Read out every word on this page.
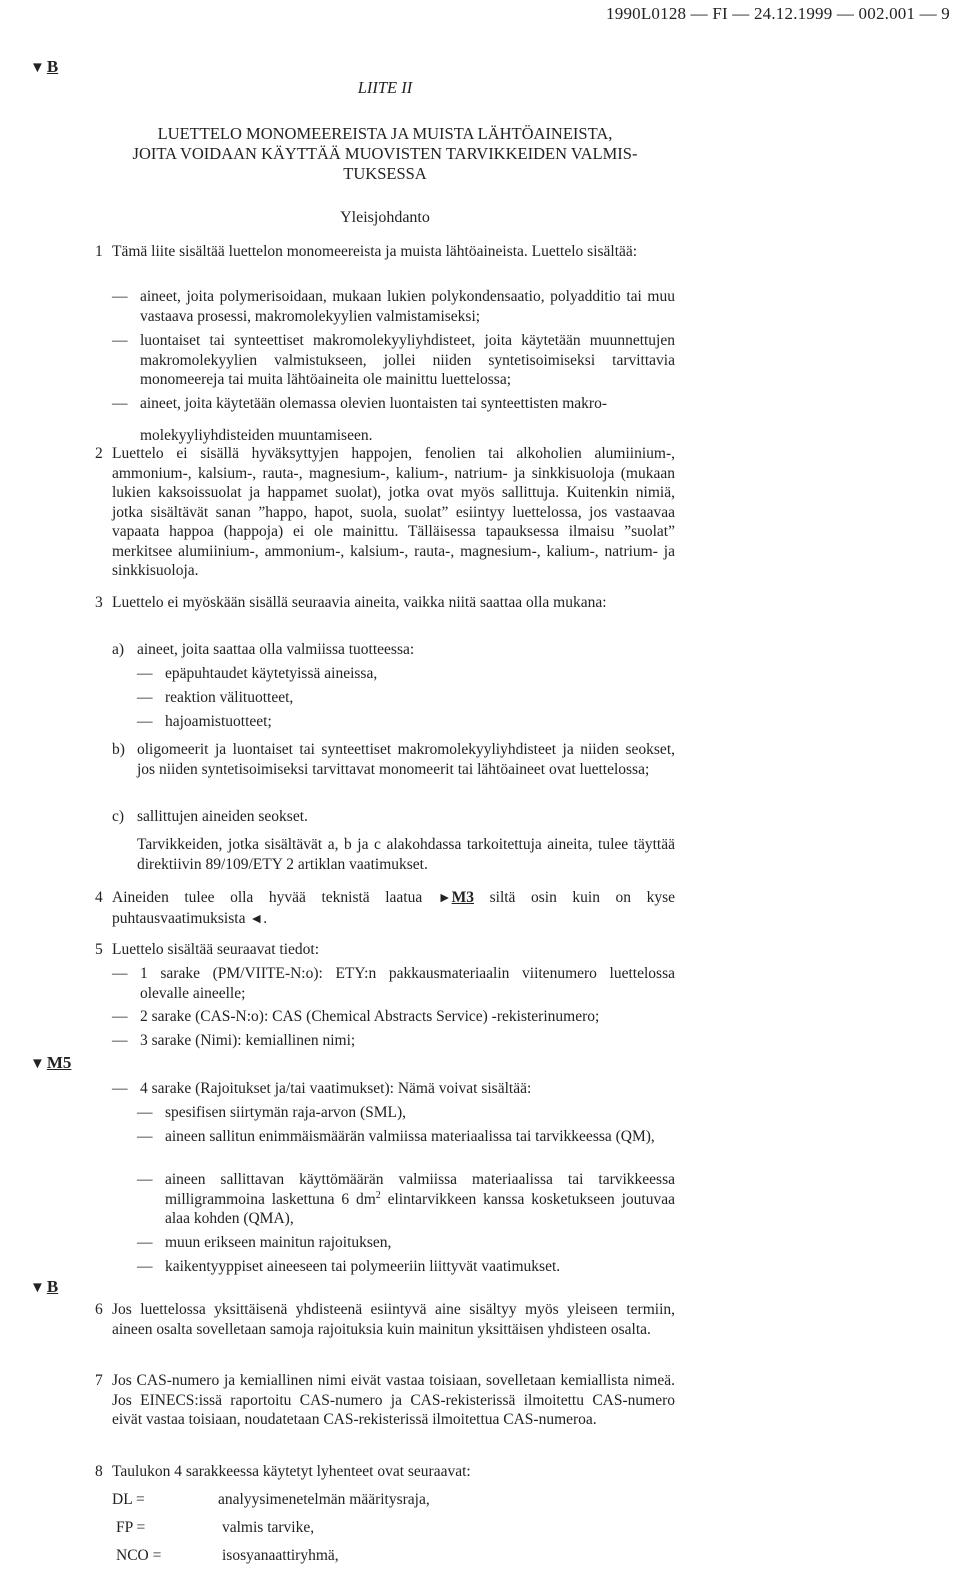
1990L0128 — FI — 24.12.1999 — 002.001 — 9
▼ B
▼ M5
▼ B
LIITE II
LUETTELO MONOMEEREISTA JA MUISTA LÄHTÖAINEISTA,
JOITA VOIDAAN KÄYTTÄÄ MUOVISTEN TARVIKKEIDEN VALMIS-
TUKSESSA
Yleisjohdanto
1 Tämä liite sisältää luettelon monomeereista ja muista lähtöaineista. Luettelo sisältää:
— aineet, joita polymerisoidaan, mukaan lukien polykondensaatio, polyadditio tai muu vastaava prosessi, makromolekyylien valmistamiseksi;
— luontaiset tai synteettiset makromolekyyliyhdisteet, joita käytetään muunnettujen makromolekyylien valmistukseen, jollei niiden syntetisoimiseksi tarvittavia monomeereja tai muita lähtöaineita ole mainittu luettelossa;
— aineet, joita käytetään olemassa olevien luontaisten tai synteettisten makro-
molekyyliyhdisteiden muuntamiseen.
2 Luettelo ei sisällä hyväksyttyjen happojen, fenolien tai alkoholien alumiinium-, ammonium-, kalsium-, rauta-, magnesium-, kalium-, natrium- ja sinkkisuoloja (mukaan lukien kaksoissuolat ja happamet suolat), jotka ovat myös sallittuja. Kuitenkin nimiä, jotka sisältävät sanan ”happo, hapot, suola, suolat” esiintyy luettelossa, jos vastaavaa vapaata happoa (happoja) ei ole mainittu. Tälläisessa tapauksessa ilmaisu ”suolat” merkitsee alumiinium-, ammonium-, kalsium-, rauta-, magnesium-, kalium-, natrium- ja sinkkisuoloja.
3 Luettelo ei myöskään sisällä seuraavia aineita, vaikka niitä saattaa olla mukana:
a) aineet, joita saattaa olla valmiissa tuotteessa:
— epäpuhtaudet käytetyissä aineissa,
— reaktion välituotteet,
— hajoamistuotteet;
b) oligomeerit ja luontaiset tai synteettiset makromolekyyliyhdisteet ja niiden seokset, jos niiden syntetisoimiseksi tarvittavat monomeerit tai lähtöaineet ovat luettelossa;
c) sallittujen aineiden seokset.
Tarvikkeiden, jotka sisältävät a, b ja c alakohdassa tarkoitettuja aineita, tulee täyttää direktiivin 89/109/ETY 2 artiklan vaatimukset.
4 Aineiden tulee olla hyvää teknistä laatua ►M3 siltä osin kuin on kyse puhtausvaatimuksista ◄.
5 Luettelo sisältää seuraavat tiedot:
— 1 sarake (PM/VIITE-N:o): ETY:n pakkausmateriaalin viitenumero luettelossa olevalle aineelle;
— 2 sarake (CAS-N:o): CAS (Chemical Abstracts Service) -rekisterinumero;
— 3 sarake (Nimi): kemiallinen nimi;
— 4 sarake (Rajoitukset ja/tai vaatimukset): Nämä voivat sisältää:
— spesifisen siirtymän raja-arvon (SML),
— aineen sallitun enimmäismäärän valmiissa materiaalissa tai tarvikkeessa (QM),
— aineen sallittavan käyttömäärän valmiissa materiaalissa tai tarvikkeessa milligrammoina laskettuna 6 $dm^2$ elintarvikkeen kanssa kosketukseen joutuvaa alaa kohden (QMA),
— muun erikseen mainitun rajoituksen,
— kaikentyyppiset aineeseen tai polymeeriin liittyvät vaatimukset.
6 Jos luettelossa yksittäisenä yhdisteenä esiintyvä aine sisältyy myös yleiseen termiin, aineen osalta sovelletaan samoja rajoituksia kuin mainitun yksittäisen yhdisteen osalta.
7 Jos CAS-numero ja kemiallinen nimi eivät vastaa toisiaan, sovelletaan kemiallista nimeä. Jos EINECS:issä raportoitu CAS-numero ja CAS-rekisterissä ilmoitettu CAS-numero eivät vastaa toisiaan, noudatetaan CAS-rekisterissä ilmoitettua CAS-numeroa.
8 Taulukon 4 sarakkeessa käytetyt lyhenteet ovat seuraavat:
DL =	analyysimenetelmän määritysraja,
FP =	valmis tarvike,
NCO =	isosyanaattiryhmä,
